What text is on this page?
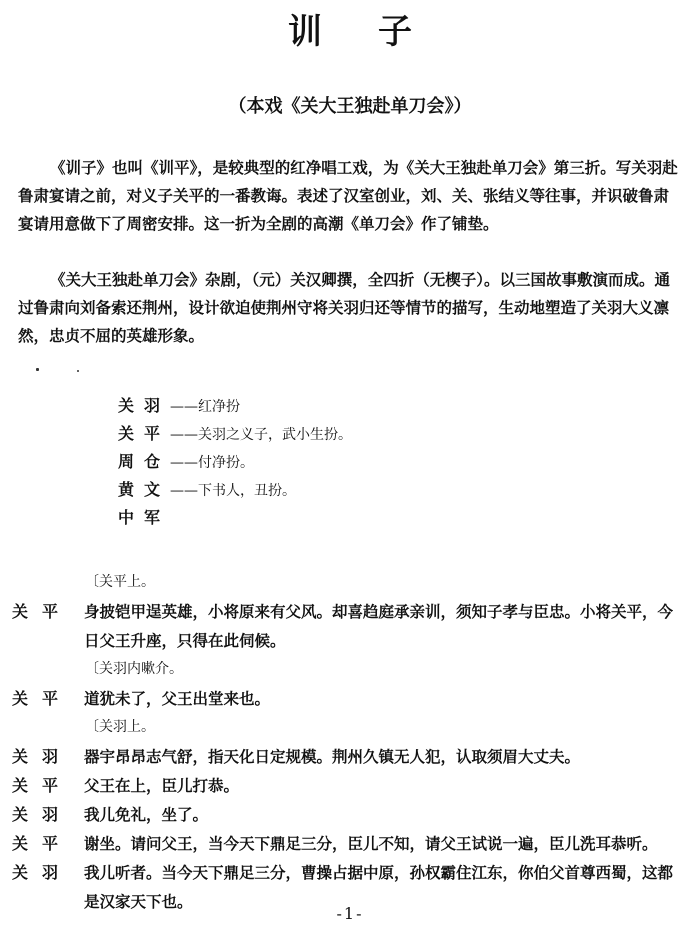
训子
（本戏《关大王独赴单刀会》）

《训子》也叫《训平》，是较典型的红净唱工戏，为《关大王独赴单刀会》第三折。写关羽赴鲁肃宴请之前，对义子关平的一番教诲。表述了汉室创业，刘、关、张结义等往事，并识破鲁肃宴请用意做下了周密安排。这一折为全剧的高潮《单刀会》作了铺垫。

《关大王独赴单刀会》杂剧，（元）关汉卿撰，全四折（无楔子）。以三国故事敷演而成。通过鲁肃向刘备索还荆州，设计欲迫使荆州守将关羽归还等情节的描写，生动地塑造了关羽大义凛然，忠贞不屈的英雄形象。

关羽——红净扮
关平——关羽之义子，武小生扮。
周仓——付净扮。
黄文——下书人，丑扮。
中军
〔关平上。
关平 身披铠甲逞英雄，小将原来有父风。却喜趋庭承亲训，须知子孝与臣忠。小将关平，今日父王升座，只得在此伺候。
〔关羽内嗽介。
关平 道犹未了，父王出堂来也。
〔关羽上。
关羽 器宇昂昂志气舒，指天化日定规模。荆州久镇无人犯，认取须眉大丈夫。
关平 父王在上，臣儿打恭。
关羽 我儿免礼，坐了。
关平 谢坐。请问父王，当今天下鼎足三分，臣儿不知，请父王试说一遍，臣儿洗耳恭听。
关羽 我儿听者。当今天下鼎足三分，曹操占据中原，孙权霸住江东，你伯父首尊西蜀，这都是汉家天下也。
-1-
